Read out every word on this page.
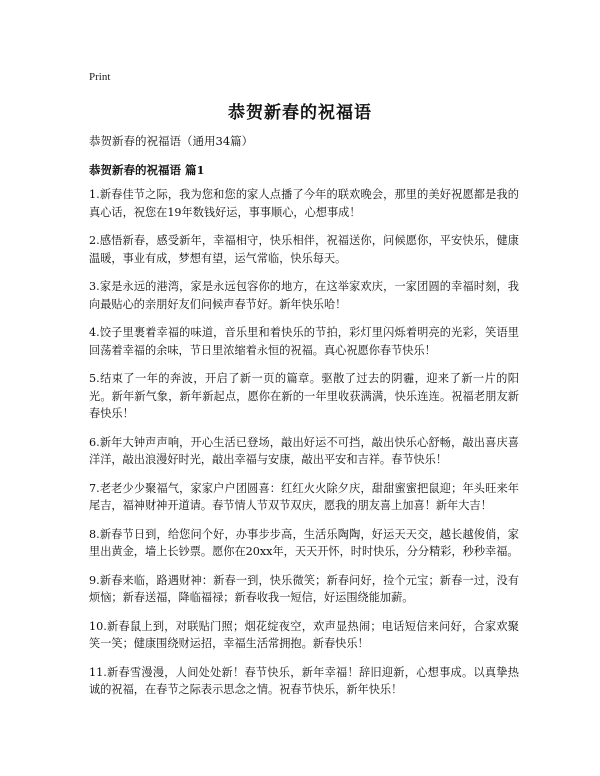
Print
恭贺新春的祝福语
恭贺新春的祝福语（通用34篇）
恭贺新春的祝福语 篇1

1.新春佳节之际，我为您和您的家人点播了今年的联欢晚会，那里的美好祝愿都是我的真心话，祝您在19年数钱好运，事事顺心，心想事成！

2.感悟新春，感受新年，幸福相守，快乐相伴，祝福送你，问候愿你，平安快乐，健康温暖，事业有成，梦想有望，运气常临，快乐每天。

3.家是永远的港湾，家是永远包容你的地方，在这举家欢庆，一家团圆的幸福时刻，我向最贴心的亲朋好友们问候声春节好。新年快乐哈！

4.饺子里裹着幸福的味道，音乐里和着快乐的节拍，彩灯里闪烁着明亮的光彩，笑语里回荡着幸福的余味，节日里浓缩着永恒的祝福。真心祝愿你春节快乐！

5.结束了一年的奔波，开启了新一页的篇章。驱散了过去的阴霾，迎来了新一片的阳光。新年新气象，新年新起点，愿你在新的一年里收获满满，快乐连连。祝福老朋友新春快乐！

6.新年大钟声声响，开心生活已登场，敲出好运不可挡，敲出快乐心舒畅，敲出喜庆喜洋洋，敲出浪漫好时光，敲出幸福与安康，敲出平安和吉祥。春节快乐！

7.老老少少聚福气，家家户户团圆喜：红红火火除夕庆，甜甜蜜蜜把鼠迎；年头旺来年尾吉，福神财神开道请。春节情人节双节双庆，愿我的朋友喜上加喜！新年大吉！

8.新春节日到，给您问个好，办事步步高，生活乐陶陶，好运天天交，越长越俊俏，家里出黄金，墙上长钞票。愿你在20xx年，天天开怀，时时快乐，分分精彩，秒秒幸福。

9.新春来临，路遇财神：新春一到，快乐微笑；新春问好，捡个元宝；新春一过，没有烦恼；新春送福，降临福禄；新春收我一短信，好运围绕能加薪。

10.新春鼠上到，对联贴门照；烟花绽夜空，欢声显热闹；电话短信来问好，合家欢聚笑一笑；健康围绕财运招，幸福生活常拥抱。新春快乐！

11.新春雪漫漫，人间处处新！春节快乐，新年幸福！辞旧迎新，心想事成。以真挚热诚的祝福，在春节之际表示思念之情。祝春节快乐，新年快乐！
